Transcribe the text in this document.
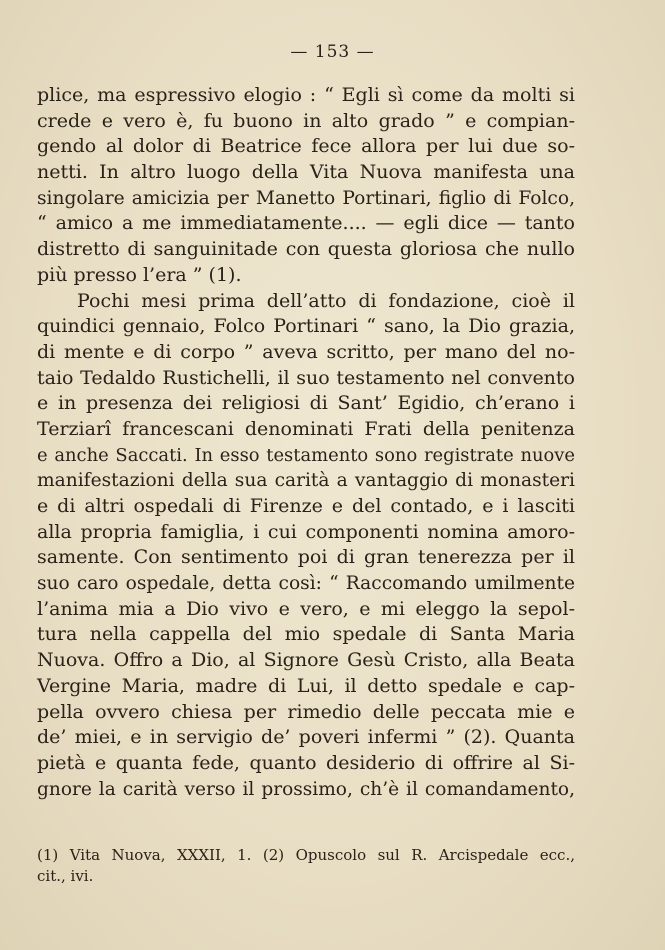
— 153 —
plice, ma espressivo elogio : “ Egli sì come da molti si
crede e vero è, fu buono in alto grado ” e compian-
gendo al dolor di Beatrice fece allora per lui due so-
netti. In altro luogo della Vita Nuova manifesta una
singolare amicizia per Manetto Portinari, figlio di Folco,
“ amico a me immediatamente.... — egli dice — tanto
distretto di sanguinitade con questa gloriosa che nullo
più presso l’era ” (1).
Pochi mesi prima dell’atto di fondazione, cioè il
quindici gennaio, Folco Portinari “ sano, la Dio grazia,
di mente e di corpo ” aveva scritto, per mano del no-
taio Tedaldo Rustichelli, il suo testamento nel convento
e in presenza dei religiosi di Sant’ Egidio, ch’erano i
Terziarî francescani denominati Frati della penitenza
e anche Saccati. In esso testamento sono registrate nuove
manifestazioni della sua carità a vantaggio di monasteri
e di altri ospedali di Firenze e del contado, e i lasciti
alla propria famiglia, i cui componenti nomina amoro-
samente. Con sentimento poi di gran tenerezza per il
suo caro ospedale, detta così: “ Raccomando umilmente
l’anima mia a Dio vivo e vero, e mi eleggo la sepol-
tura nella cappella del mio spedale di Santa Maria
Nuova. Offro a Dio, al Signore Gesù Cristo, alla Beata
Vergine Maria, madre di Lui, il detto spedale e cap-
pella ovvero chiesa per rimedio delle peccata mie e
de’ miei, e in servigio de’ poveri infermi ” (2). Quanta
pietà e quanta fede, quanto desiderio di offrire al Si-
gnore la carità verso il prossimo, ch’è il comandamento,
(1) Vita Nuova, XXXII, 1. (2) Opuscolo sul R. Arcispedale ecc.,
cit., ivi.
